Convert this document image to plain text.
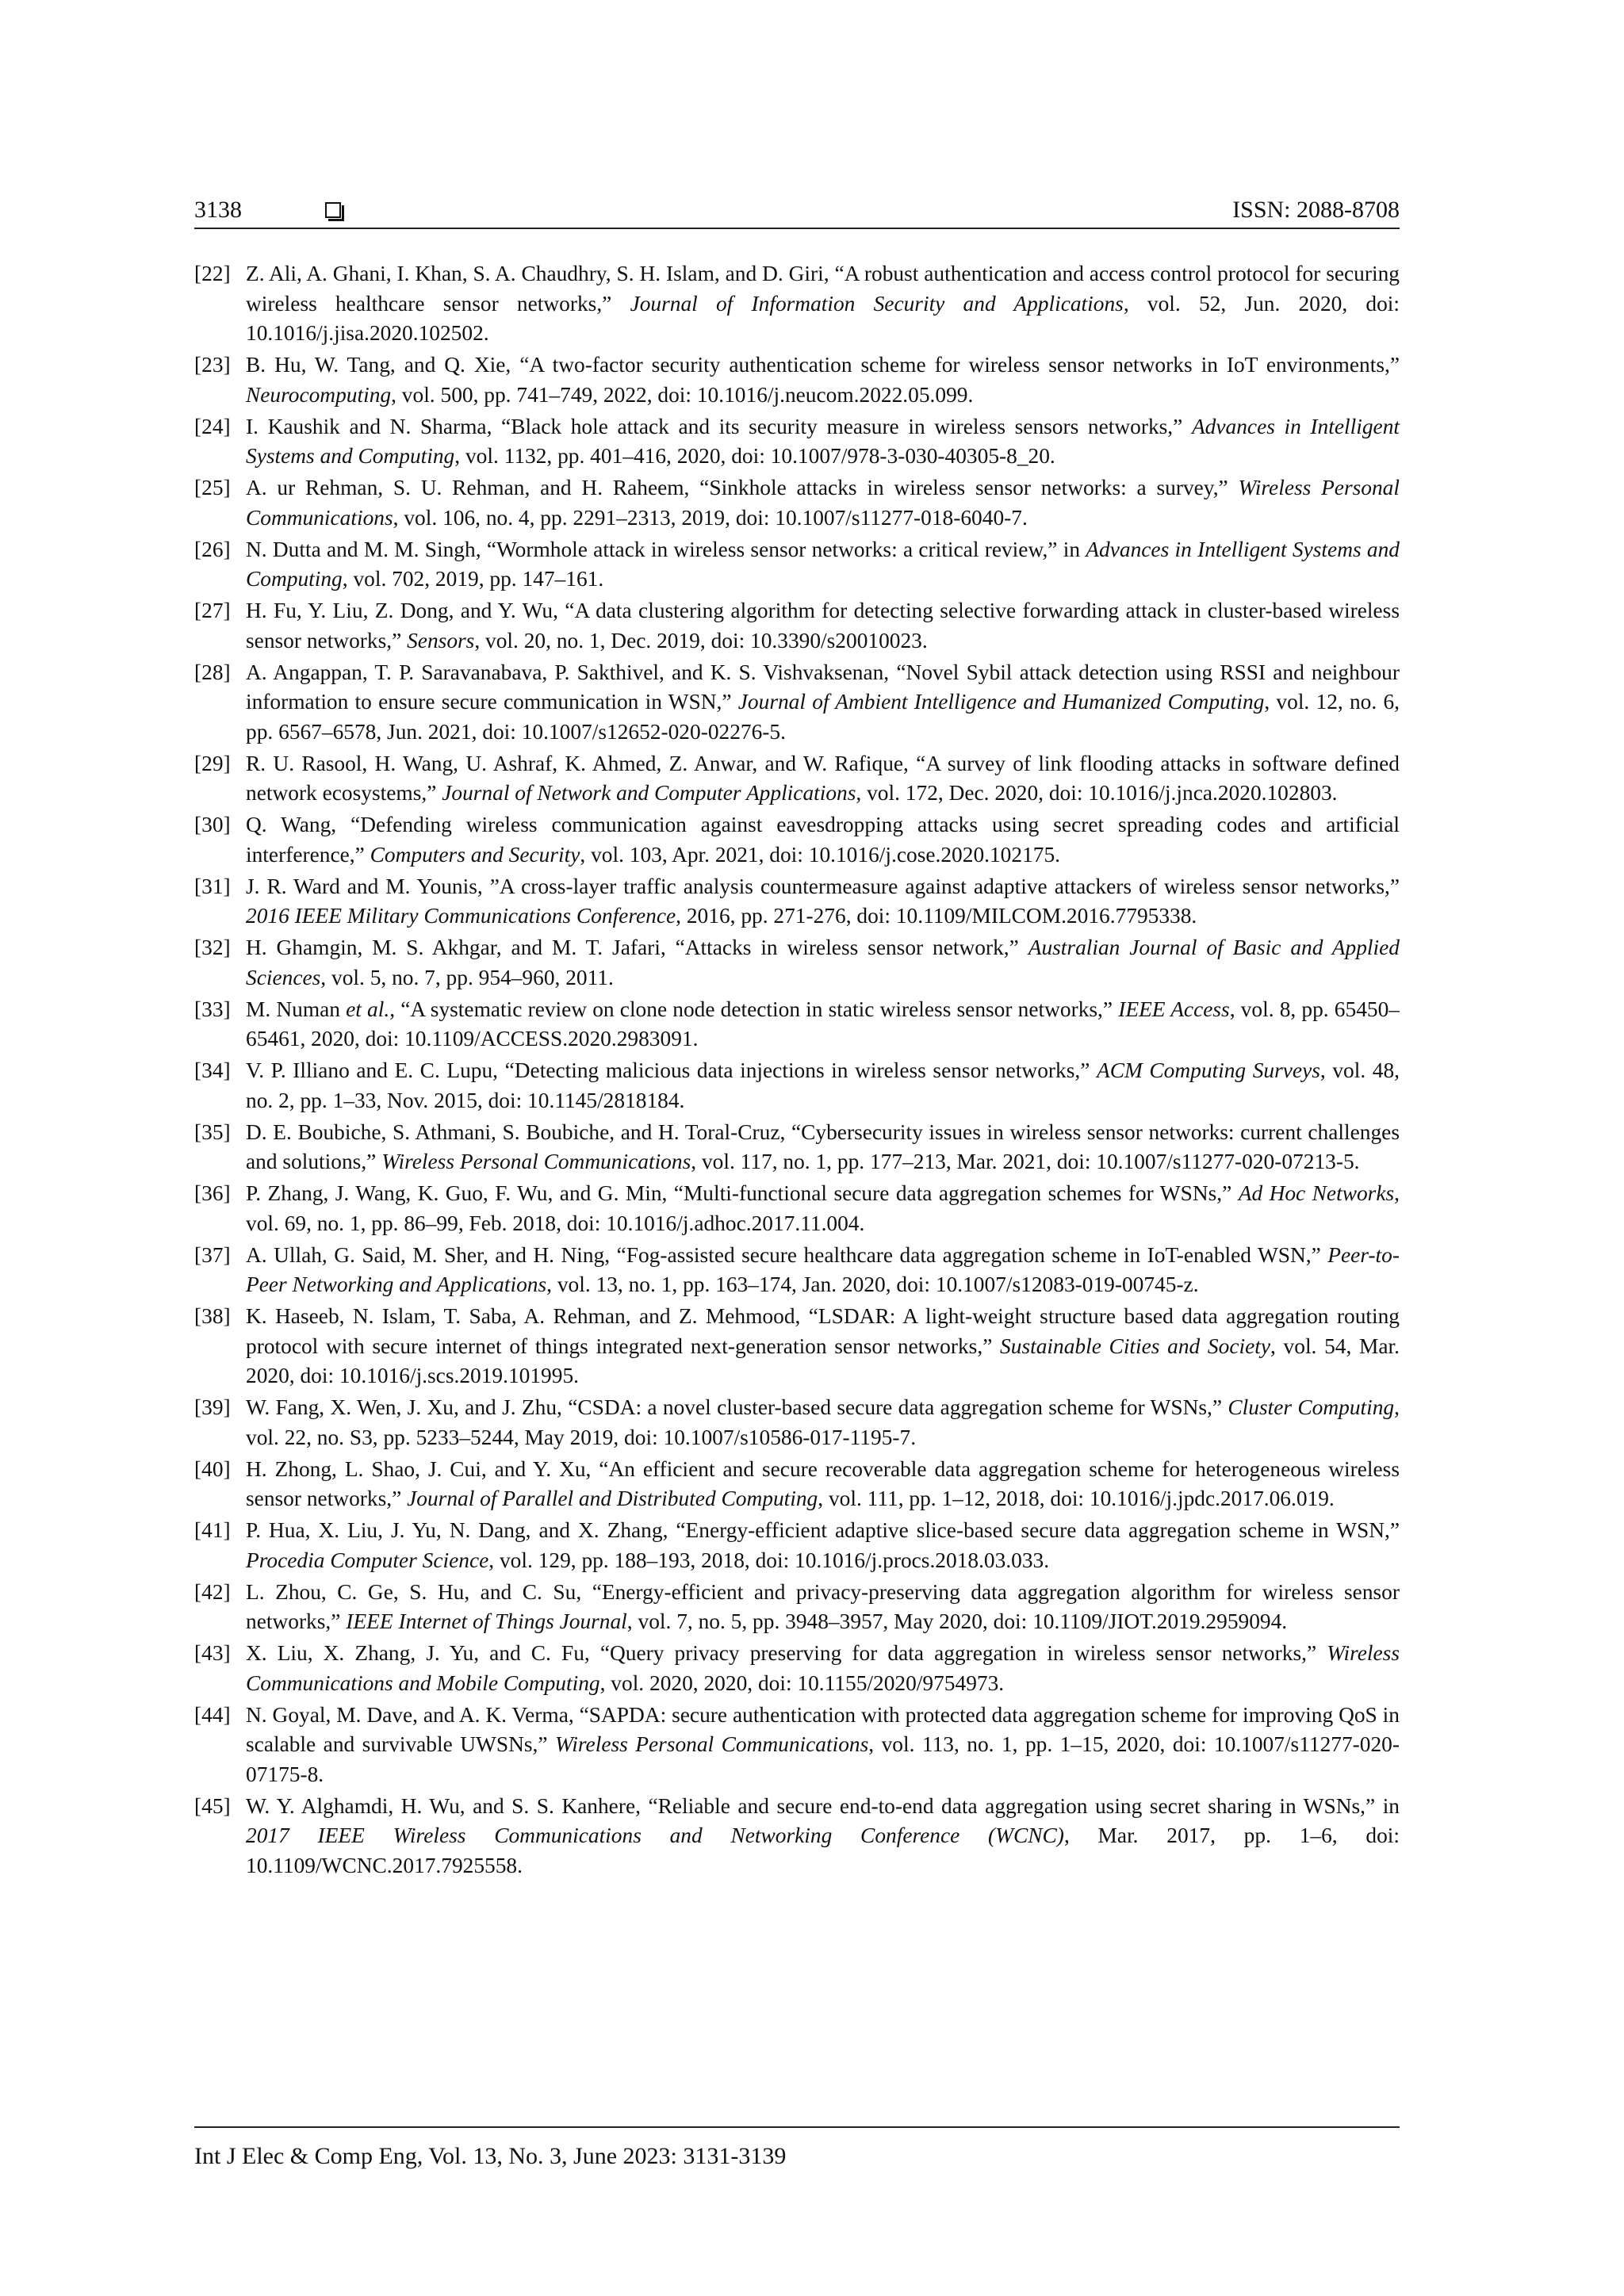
3138	ISSN: 2088-8708
[22] Z. Ali, A. Ghani, I. Khan, S. A. Chaudhry, S. H. Islam, and D. Giri, “A robust authentication and access control protocol for securing wireless healthcare sensor networks,” Journal of Information Security and Applications, vol. 52, Jun. 2020, doi: 10.1016/j.jisa.2020.102502.
[23] B. Hu, W. Tang, and Q. Xie, “A two-factor security authentication scheme for wireless sensor networks in IoT environments,” Neurocomputing, vol. 500, pp. 741–749, 2022, doi: 10.1016/j.neucom.2022.05.099.
[24] I. Kaushik and N. Sharma, “Black hole attack and its security measure in wireless sensors networks,” Advances in Intelligent Systems and Computing, vol. 1132, pp. 401–416, 2020, doi: 10.1007/978-3-030-40305-8_20.
[25] A. ur Rehman, S. U. Rehman, and H. Raheem, “Sinkhole attacks in wireless sensor networks: a survey,” Wireless Personal Communications, vol. 106, no. 4, pp. 2291–2313, 2019, doi: 10.1007/s11277-018-6040-7.
[26] N. Dutta and M. M. Singh, “Wormhole attack in wireless sensor networks: a critical review,” in Advances in Intelligent Systems and Computing, vol. 702, 2019, pp. 147–161.
[27] H. Fu, Y. Liu, Z. Dong, and Y. Wu, “A data clustering algorithm for detecting selective forwarding attack in cluster-based wireless sensor networks,” Sensors, vol. 20, no. 1, Dec. 2019, doi: 10.3390/s20010023.
[28] A. Angappan, T. P. Saravanabava, P. Sakthivel, and K. S. Vishvaksenan, “Novel Sybil attack detection using RSSI and neighbour information to ensure secure communication in WSN,” Journal of Ambient Intelligence and Humanized Computing, vol. 12, no. 6, pp. 6567–6578, Jun. 2021, doi: 10.1007/s12652-020-02276-5.
[29] R. U. Rasool, H. Wang, U. Ashraf, K. Ahmed, Z. Anwar, and W. Rafique, “A survey of link flooding attacks in software defined network ecosystems,” Journal of Network and Computer Applications, vol. 172, Dec. 2020, doi: 10.1016/j.jnca.2020.102803.
[30] Q. Wang, “Defending wireless communication against eavesdropping attacks using secret spreading codes and artificial interference,” Computers and Security, vol. 103, Apr. 2021, doi: 10.1016/j.cose.2020.102175.
[31] J. R. Ward and M. Younis, ”A cross-layer traffic analysis countermeasure against adaptive attackers of wireless sensor networks,” 2016 IEEE Military Communications Conference, 2016, pp. 271-276, doi: 10.1109/MILCOM.2016.7795338.
[32] H. Ghamgin, M. S. Akhgar, and M. T. Jafari, “Attacks in wireless sensor network,” Australian Journal of Basic and Applied Sciences, vol. 5, no. 7, pp. 954–960, 2011.
[33] M. Numan et al., “A systematic review on clone node detection in static wireless sensor networks,” IEEE Access, vol. 8, pp. 65450–65461, 2020, doi: 10.1109/ACCESS.2020.2983091.
[34] V. P. Illiano and E. C. Lupu, “Detecting malicious data injections in wireless sensor networks,” ACM Computing Surveys, vol. 48, no. 2, pp. 1–33, Nov. 2015, doi: 10.1145/2818184.
[35] D. E. Boubiche, S. Athmani, S. Boubiche, and H. Toral-Cruz, “Cybersecurity issues in wireless sensor networks: current challenges and solutions,” Wireless Personal Communications, vol. 117, no. 1, pp. 177–213, Mar. 2021, doi: 10.1007/s11277-020-07213-5.
[36] P. Zhang, J. Wang, K. Guo, F. Wu, and G. Min, “Multi-functional secure data aggregation schemes for WSNs,” Ad Hoc Networks, vol. 69, no. 1, pp. 86–99, Feb. 2018, doi: 10.1016/j.adhoc.2017.11.004.
[37] A. Ullah, G. Said, M. Sher, and H. Ning, “Fog-assisted secure healthcare data aggregation scheme in IoT-enabled WSN,” Peer-to-Peer Networking and Applications, vol. 13, no. 1, pp. 163–174, Jan. 2020, doi: 10.1007/s12083-019-00745-z.
[38] K. Haseeb, N. Islam, T. Saba, A. Rehman, and Z. Mehmood, “LSDAR: A light-weight structure based data aggregation routing protocol with secure internet of things integrated next-generation sensor networks,” Sustainable Cities and Society, vol. 54, Mar. 2020, doi: 10.1016/j.scs.2019.101995.
[39] W. Fang, X. Wen, J. Xu, and J. Zhu, “CSDA: a novel cluster-based secure data aggregation scheme for WSNs,” Cluster Computing, vol. 22, no. S3, pp. 5233–5244, May 2019, doi: 10.1007/s10586-017-1195-7.
[40] H. Zhong, L. Shao, J. Cui, and Y. Xu, “An efficient and secure recoverable data aggregation scheme for heterogeneous wireless sensor networks,” Journal of Parallel and Distributed Computing, vol. 111, pp. 1–12, 2018, doi: 10.1016/j.jpdc.2017.06.019.
[41] P. Hua, X. Liu, J. Yu, N. Dang, and X. Zhang, “Energy-efficient adaptive slice-based secure data aggregation scheme in WSN,” Procedia Computer Science, vol. 129, pp. 188–193, 2018, doi: 10.1016/j.procs.2018.03.033.
[42] L. Zhou, C. Ge, S. Hu, and C. Su, “Energy-efficient and privacy-preserving data aggregation algorithm for wireless sensor networks,” IEEE Internet of Things Journal, vol. 7, no. 5, pp. 3948–3957, May 2020, doi: 10.1109/JIOT.2019.2959094.
[43] X. Liu, X. Zhang, J. Yu, and C. Fu, “Query privacy preserving for data aggregation in wireless sensor networks,” Wireless Communications and Mobile Computing, vol. 2020, 2020, doi: 10.1155/2020/9754973.
[44] N. Goyal, M. Dave, and A. K. Verma, “SAPDA: secure authentication with protected data aggregation scheme for improving QoS in scalable and survivable UWSNs,” Wireless Personal Communications, vol. 113, no. 1, pp. 1–15, 2020, doi: 10.1007/s11277-020-07175-8.
[45] W. Y. Alghamdi, H. Wu, and S. S. Kanhere, “Reliable and secure end-to-end data aggregation using secret sharing in WSNs,” in 2017 IEEE Wireless Communications and Networking Conference (WCNC), Mar. 2017, pp. 1–6, doi: 10.1109/WCNC.2017.7925558.
Int J Elec & Comp Eng, Vol. 13, No. 3, June 2023: 3131-3139
